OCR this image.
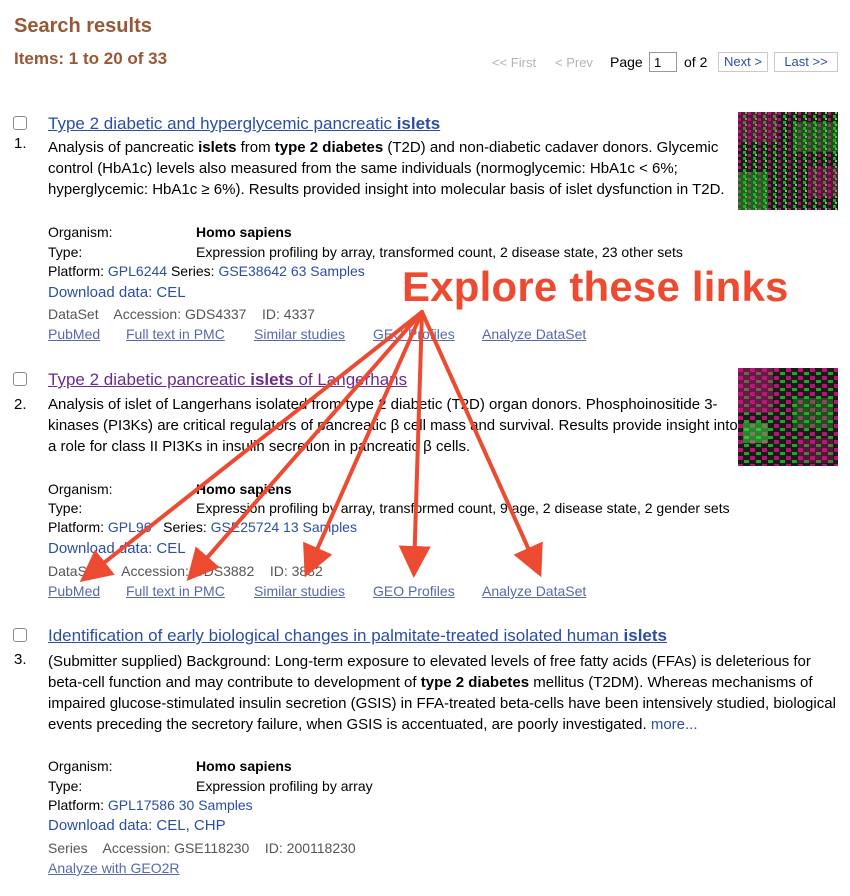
Search results
Items: 1 to 20 of 33	<< First < Prev Page
1	of 2	Next >	Last >>
1.
Type 2 diabetic and hyperglycemic pancreatic islets
Analysis of pancreatic islets from type 2 diabetes (T2D) and non-diabetic cadaver donors. Glycemic control (HbA1c) levels also measured from the same individuals (normoglycemic: HbA1c < 6%; hyperglycemic: HbA1c ≥ 6%). Results provided insight into molecular basis of islet dysfunction in T2D.
Organism:	Homo sapiens
Type:	Expression profiling by array, transformed count, 2 disease state, 23 other sets
Platform: GPL6244 Series: GSE38642 63 Samples
Download data: CEL
DataSet Accession: GDS4337 ID: 4337
PubMed Full text in PMC Similar studies GEO Profiles Analyze DataSet
2.
Type 2 diabetic pancreatic islets of Langerhans
Analysis of islet of Langerhans isolated from type 2 diabetic (T2D) organ donors. Phosphoinositide 3-kinases (PI3Ks) are critical regulators of pancreatic β cell mass and survival. Results provide insight into a role for class II PI3Ks in insulin secretion in pancreatic β cells.
Organism:	Homo sapiens
Type:	Expression profiling by array, transformed count, 9 age, 2 disease state, 2 gender sets
Platform: GPL96 Series: GSE25724 13 Samples
Download data: CEL
DataSet Accession: GDS3882 ID: 3882
PubMed Full text in PMC Similar studies GEO Profiles Analyze DataSet
3.
Identification of early biological changes in palmitate-treated isolated human islets
(Submitter supplied) Background: Long-term exposure to elevated levels of free fatty acids (FFAs) is deleterious for beta-cell function and may contribute to development of type 2 diabetes mellitus (T2DM). Whereas mechanisms of impaired glucose-stimulated insulin secretion (GSIS) in FFA-treated beta-cells have been intensively studied, biological events preceding the secretory failure, when GSIS is accentuated, are poorly investigated. more...
Organism:	Homo sapiens
Type:	Expression profiling by array
Platform: GPL17586 30 Samples
Download data: CEL, CHP
Series Accession: GSE118230 ID: 200118230
Analyze with GEO2R
Explore these links
